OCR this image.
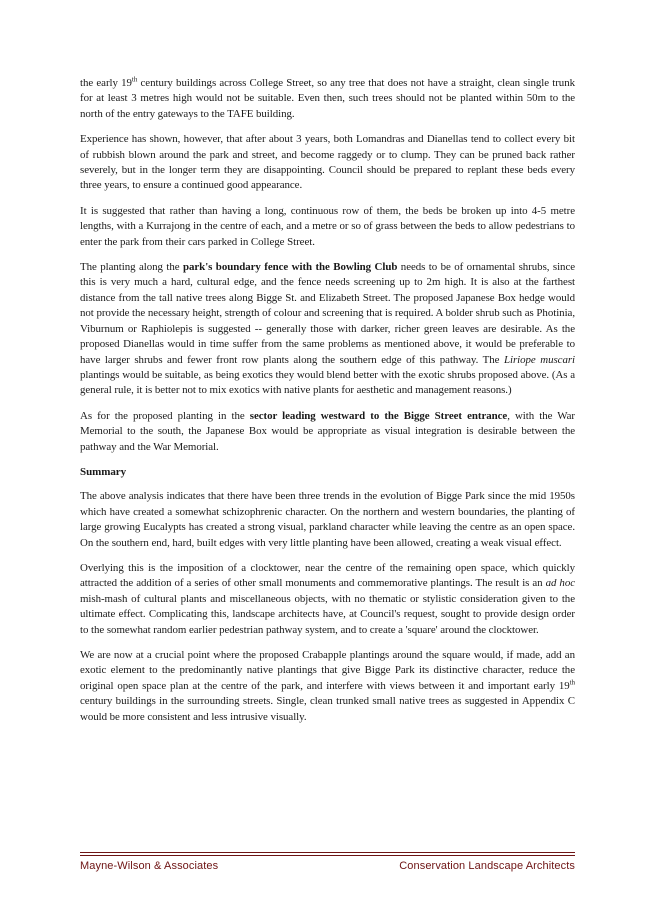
the early 19th century buildings across College Street, so any tree that does not have a straight, clean single trunk for at least 3 metres high would not be suitable. Even then, such trees should not be planted within 50m to the north of the entry gateways to the TAFE building.

Experience has shown, however, that after about 3 years, both Lomandras and Dianellas tend to collect every bit of rubbish blown around the park and street, and become raggedy or to clump. They can be pruned back rather severely, but in the longer term they are disappointing. Council should be prepared to replant these beds every three years, to ensure a continued good appearance.

It is suggested that rather than having a long, continuous row of them, the beds be broken up into 4-5 metre lengths, with a Kurrajong in the centre of each, and a metre or so of grass between the beds to allow pedestrians to enter the park from their cars parked in College Street.

The planting along the park's boundary fence with the Bowling Club needs to be of ornamental shrubs, since this is very much a hard, cultural edge, and the fence needs screening up to 2m high. It is also at the farthest distance from the tall native trees along Bigge St. and Elizabeth Street. The proposed Japanese Box hedge would not provide the necessary height, strength of colour and screening that is required. A bolder shrub such as Photinia, Viburnum or Raphiolepis is suggested -- generally those with darker, richer green leaves are desirable. As the proposed Dianellas would in time suffer from the same problems as mentioned above, it would be preferable to have larger shrubs and fewer front row plants along the southern edge of this pathway. The Liriope muscari plantings would be suitable, as being exotics they would blend better with the exotic shrubs proposed above. (As a general rule, it is better not to mix exotics with native plants for aesthetic and management reasons.)

As for the proposed planting in the sector leading westward to the Bigge Street entrance, with the War Memorial to the south, the Japanese Box would be appropriate as visual integration is desirable between the pathway and the War Memorial.

Summary

The above analysis indicates that there have been three trends in the evolution of Bigge Park since the mid 1950s which have created a somewhat schizophrenic character. On the northern and western boundaries, the planting of large growing Eucalypts has created a strong visual, parkland character while leaving the centre as an open space. On the southern end, hard, built edges with very little planting have been allowed, creating a weak visual effect.

Overlying this is the imposition of a clocktower, near the centre of the remaining open space, which quickly attracted the addition of a series of other small monuments and commemorative plantings. The result is an ad hoc mish-mash of cultural plants and miscellaneous objects, with no thematic or stylistic consideration given to the ultimate effect. Complicating this, landscape architects have, at Council's request, sought to provide design order to the somewhat random earlier pedestrian pathway system, and to create a 'square' around the clocktower.

We are now at a crucial point where the proposed Crabapple plantings around the square would, if made, add an exotic element to the predominantly native plantings that give Bigge Park its distinctive character, reduce the original open space plan at the centre of the park, and interfere with views between it and important early 19th century buildings in the surrounding streets. Single, clean trunked small native trees as suggested in Appendix C would be more consistent and less intrusive visually.

Mayne-Wilson & Associates	Conservation Landscape Architects
